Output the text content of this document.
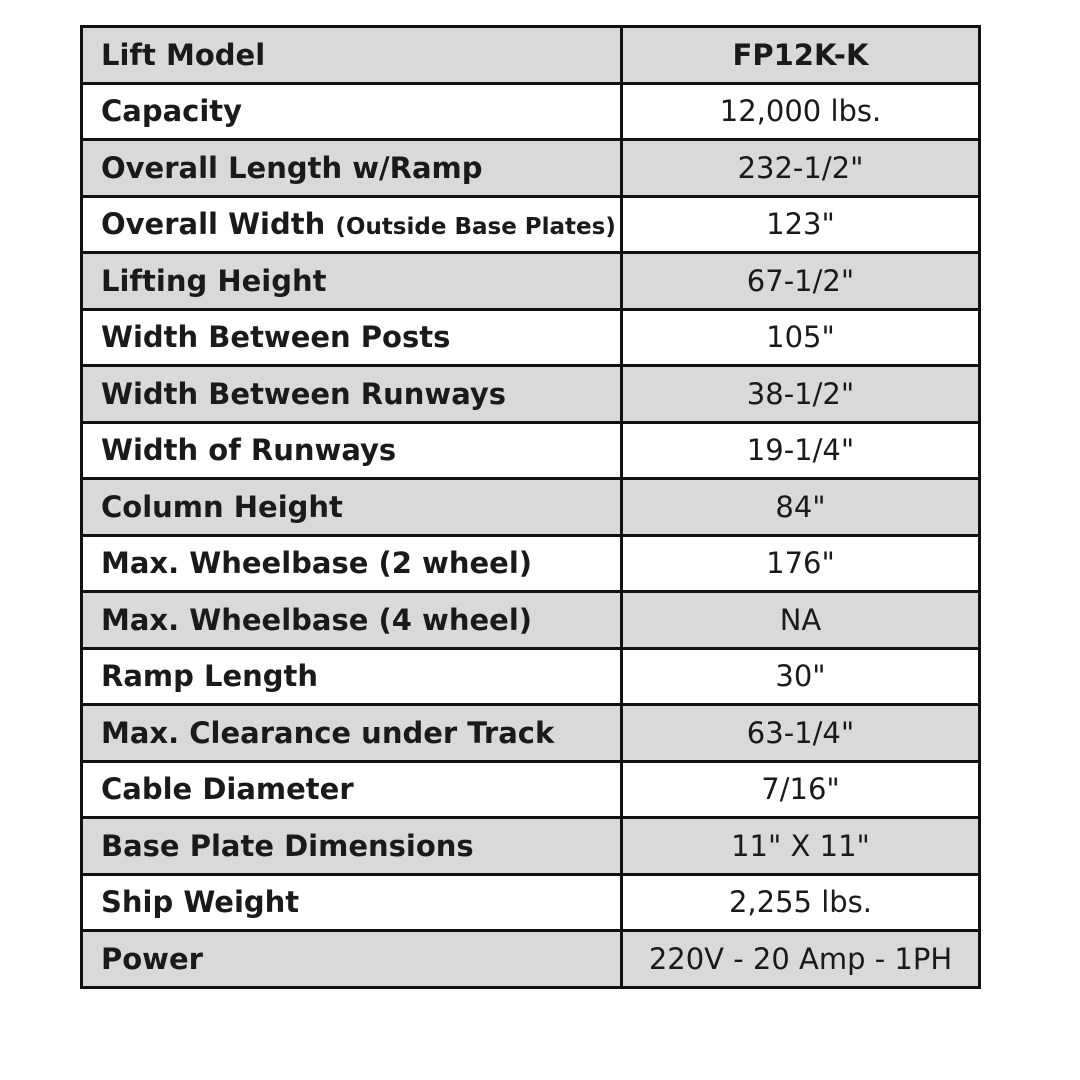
Lift Model	FP12K-K
Capacity	12,000 lbs.
Overall Length w/Ramp	232-1/2"
Overall Width (Outside Base Plates)	123"
Lifting Height	67-1/2"
Width Between Posts	105"
Width Between Runways	38-1/2"
Width of Runways	19-1/4"
Column Height	84"
Max. Wheelbase (2 wheel)	176"
Max. Wheelbase (4 wheel)	NA
Ramp Length	30"
Max. Clearance under Track	63-1/4"
Cable Diameter	7/16"
Base Plate Dimensions	11" X 11"
Ship Weight	2,255 lbs.
Power	220V - 20 Amp - 1PH
